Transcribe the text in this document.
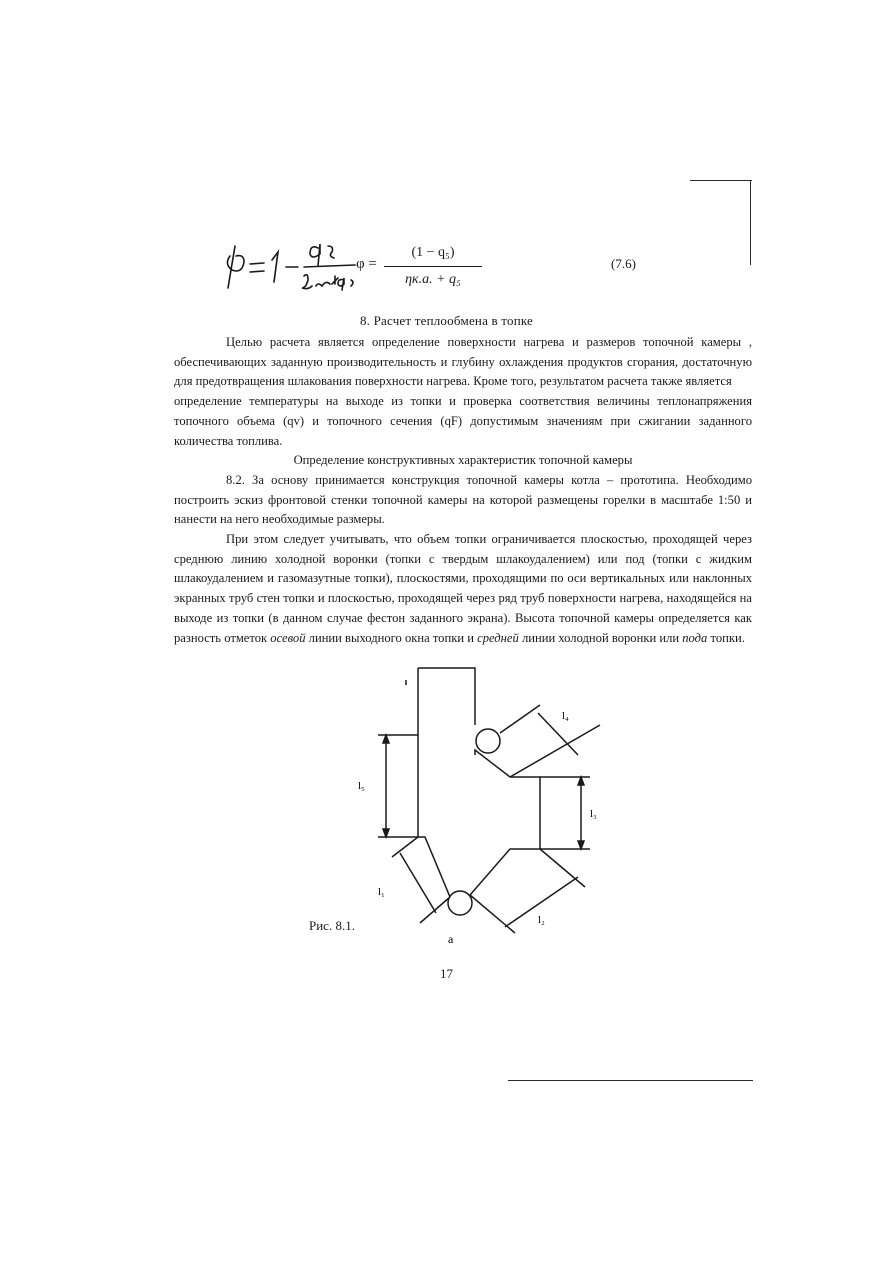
φ =
(1 − q₅)
ηк.а. + q₅
(7.6)
8. Расчет теплообмена в топке

Целью расчета является определение поверхности нагрева и размеров топочной камеры , обеспечивающих заданную производительность и глубину охлаждения продуктов сгорания, достаточную для предотвращения шлакования поверхности нагрева. Кроме того, результатом расчета также является

определение температуры на выходе из топки и проверка соответствия величины теплонапряжения топочного объема (qv) и топочного сечения (qF) допустимым значениям при сжигании заданного количества топлива.

Определение конструктивных характеристик топочной камеры

8.2. За основу принимается конструкция топочной камеры котла – прототипа. Необходимо построить эскиз фронтовой стенки топочной камеры на которой размещены горелки в масштабе 1:50 и нанести на него необходимые размеры.

При этом следует учитывать, что объем топки ограничивается плоскостью, проходящей через среднюю линию холодной воронки (топки с твердым шлакоудалением) или под (топки с жидким шлакоудалением и газомазутные топки), плоскостями, проходящими по оси вертикальных или наклонных экранных труб стен топки и плоскостью, проходящей через ряд труб поверхности нагрева, находящейся на выходе из топки (в данном случае фестон заданного экрана). Высота топочной камеры определяется как разность отметок осевой линии выходного окна топки и средней линии холодной воронки или пода топки.

l₅
l₃
l₄
l₁
l₂
а
Рис. 8.1.
17
